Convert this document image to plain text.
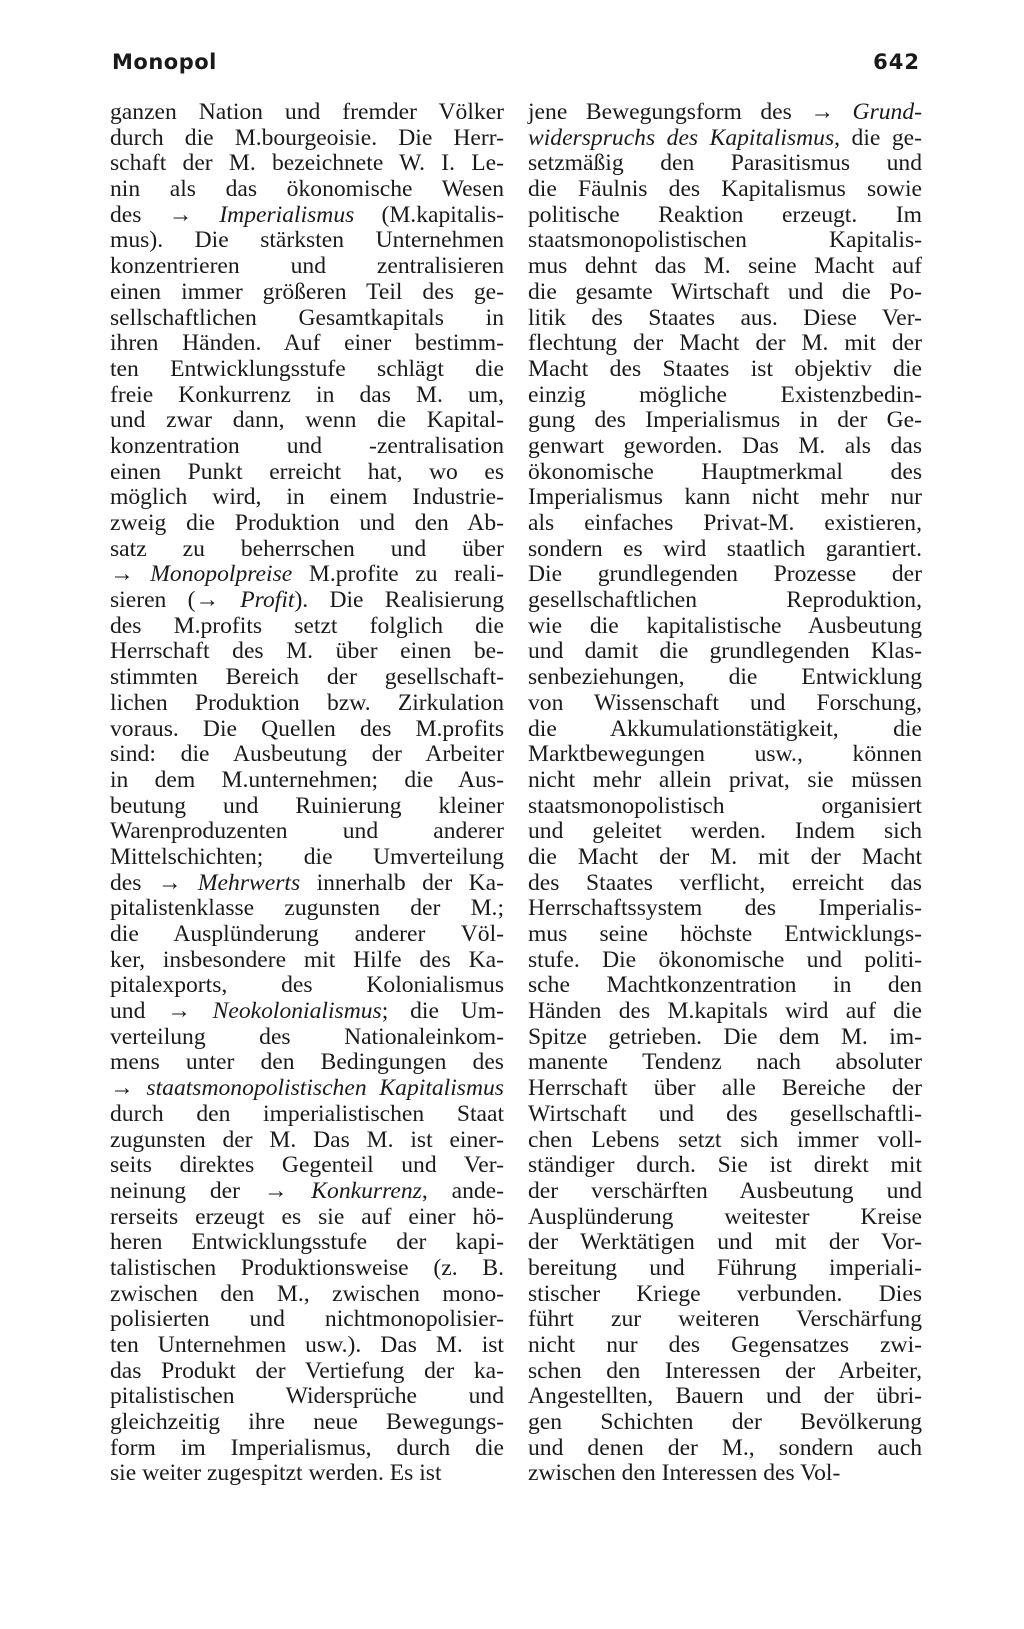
Monopol	642
ganzen Nation und fremder Völker
durch die M.bourgeoisie. Die Herr-
schaft der M. bezeichnete W. I. Le-
nin als das ökonomische Wesen
des → Imperialismus (M.kapitalis-
mus). Die stärksten Unternehmen
konzentrieren und zentralisieren
einen immer größeren Teil des ge-
sellschaftlichen Gesamtkapitals in
ihren Händen. Auf einer bestimm-
ten Entwicklungsstufe schlägt die
freie Konkurrenz in das M. um,
und zwar dann, wenn die Kapital-
konzentration und -zentralisation
einen Punkt erreicht hat, wo es
möglich wird, in einem Industrie-
zweig die Produktion und den Ab-
satz zu beherrschen und über
→ Monopolpreise M.profite zu reali-
sieren (→ Profit). Die Realisierung
des M.profits setzt folglich die
Herrschaft des M. über einen be-
stimmten Bereich der gesellschaft-
lichen Produktion bzw. Zirkulation
voraus. Die Quellen des M.profits
sind: die Ausbeutung der Arbeiter
in dem M.unternehmen; die Aus-
beutung und Ruinierung kleiner
Warenproduzenten und anderer
Mittelschichten; die Umverteilung
des → Mehrwerts innerhalb der Ka-
pitalistenklasse zugunsten der M.;
die Ausplünderung anderer Völ-
ker, insbesondere mit Hilfe des Ka-
pitalexports, des Kolonialismus
und → Neokolonialismus; die Um-
verteilung des Nationaleinkom-
mens unter den Bedingungen des
→ staatsmonopolistischen Kapitalismus
durch den imperialistischen Staat
zugunsten der M. Das M. ist einer-
seits direktes Gegenteil und Ver-
neinung der → Konkurrenz, ande-
rerseits erzeugt es sie auf einer hö-
heren Entwicklungsstufe der kapi-
talistischen Produktionsweise (z. B.
zwischen den M., zwischen mono-
polisierten und nichtmonopolisier-
ten Unternehmen usw.). Das M. ist
das Produkt der Vertiefung der ka-
pitalistischen Widersprüche und
gleichzeitig ihre neue Bewegungs-
form im Imperialismus, durch die
sie weiter zugespitzt werden. Es ist
jene Bewegungsform des → Grund-
widerspruchs des Kapitalismus, die ge-
setzmäßig den Parasitismus und
die Fäulnis des Kapitalismus sowie
politische Reaktion erzeugt. Im
staatsmonopolistischen Kapitalis-
mus dehnt das M. seine Macht auf
die gesamte Wirtschaft und die Po-
litik des Staates aus. Diese Ver-
flechtung der Macht der M. mit der
Macht des Staates ist objektiv die
einzig mögliche Existenzbedin-
gung des Imperialismus in der Ge-
genwart geworden. Das M. als das
ökonomische Hauptmerkmal des
Imperialismus kann nicht mehr nur
als einfaches Privat-M. existieren,
sondern es wird staatlich garantiert.
Die grundlegenden Prozesse der
gesellschaftlichen Reproduktion,
wie die kapitalistische Ausbeutung
und damit die grundlegenden Klas-
senbeziehungen, die Entwicklung
von Wissenschaft und Forschung,
die Akkumulationstätigkeit, die
Marktbewegungen usw., können
nicht mehr allein privat, sie müssen
staatsmonopolistisch organisiert
und geleitet werden. Indem sich
die Macht der M. mit der Macht
des Staates verflicht, erreicht das
Herrschaftssystem des Imperialis-
mus seine höchste Entwicklungs-
stufe. Die ökonomische und politi-
sche Machtkonzentration in den
Händen des M.kapitals wird auf die
Spitze getrieben. Die dem M. im-
manente Tendenz nach absoluter
Herrschaft über alle Bereiche der
Wirtschaft und des gesellschaftli-
chen Lebens setzt sich immer voll-
ständiger durch. Sie ist direkt mit
der verschärften Ausbeutung und
Ausplünderung weitester Kreise
der Werktätigen und mit der Vor-
bereitung und Führung imperiali-
stischer Kriege verbunden. Dies
führt zur weiteren Verschärfung
nicht nur des Gegensatzes zwi-
schen den Interessen der Arbeiter,
Angestellten, Bauern und der übri-
gen Schichten der Bevölkerung
und denen der M., sondern auch
zwischen den Interessen des Vol-
